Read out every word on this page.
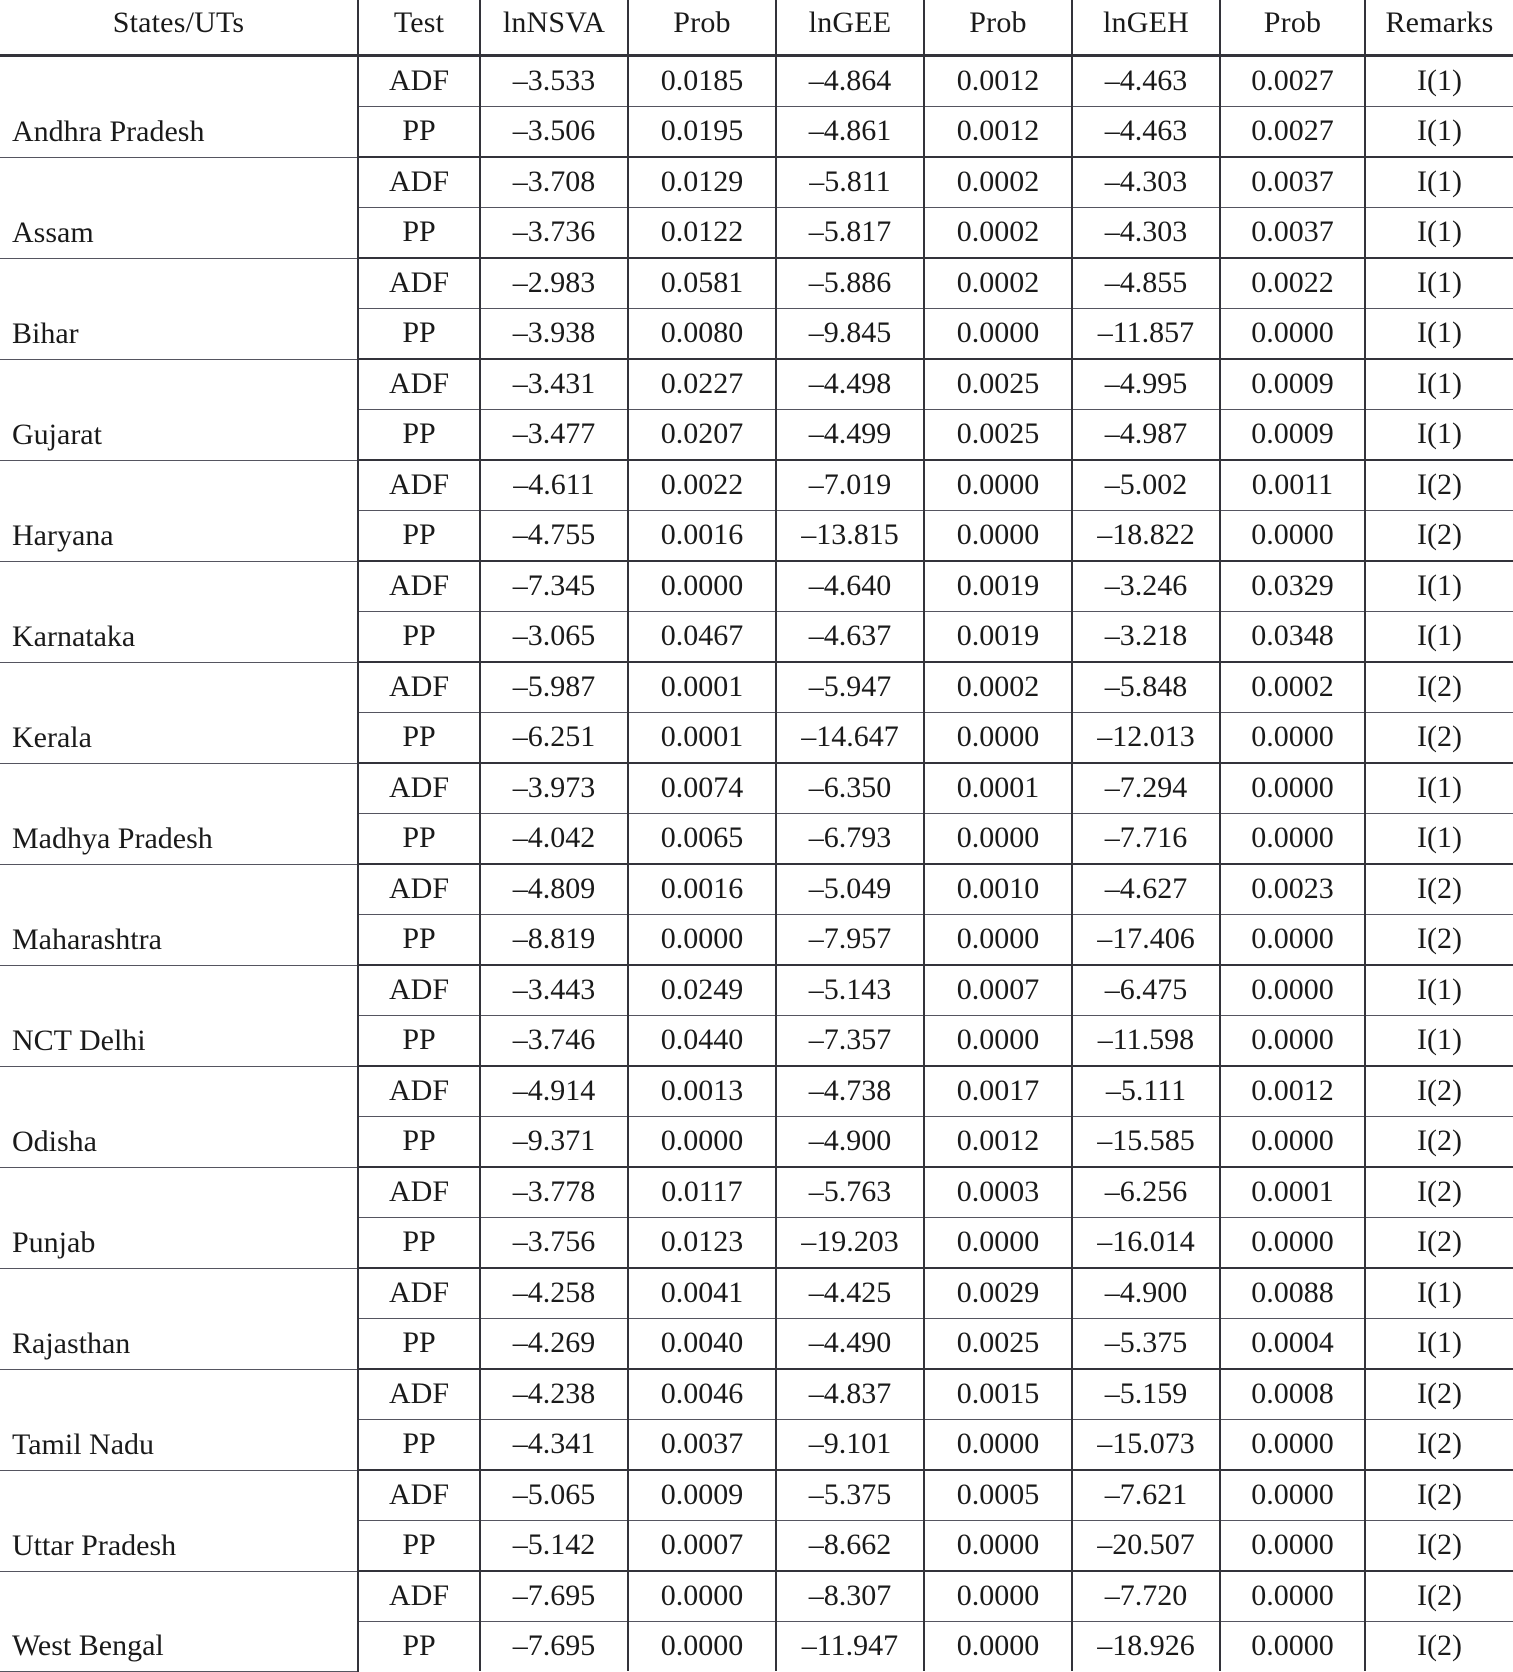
States/UTs	Test	lnNSVA	Prob	lnGEE	Prob	lnGEH	Prob	Remarks
Andhra Pradesh	ADF	–3.533	0.0185	–4.864	0.0012	–4.463	0.0027	I(1)
	PP	–3.506	0.0195	–4.861	0.0012	–4.463	0.0027	I(1)
Assam	ADF	–3.708	0.0129	–5.811	0.0002	–4.303	0.0037	I(1)
	PP	–3.736	0.0122	–5.817	0.0002	–4.303	0.0037	I(1)
Bihar	ADF	–2.983	0.0581	–5.886	0.0002	–4.855	0.0022	I(1)
	PP	–3.938	0.0080	–9.845	0.0000	–11.857	0.0000	I(1)
Gujarat	ADF	–3.431	0.0227	–4.498	0.0025	–4.995	0.0009	I(1)
	PP	–3.477	0.0207	–4.499	0.0025	–4.987	0.0009	I(1)
Haryana	ADF	–4.611	0.0022	–7.019	0.0000	–5.002	0.0011	I(2)
	PP	–4.755	0.0016	–13.815	0.0000	–18.822	0.0000	I(2)
Karnataka	ADF	–7.345	0.0000	–4.640	0.0019	–3.246	0.0329	I(1)
	PP	–3.065	0.0467	–4.637	0.0019	–3.218	0.0348	I(1)
Kerala	ADF	–5.987	0.0001	–5.947	0.0002	–5.848	0.0002	I(2)
	PP	–6.251	0.0001	–14.647	0.0000	–12.013	0.0000	I(2)
Madhya Pradesh	ADF	–3.973	0.0074	–6.350	0.0001	–7.294	0.0000	I(1)
	PP	–4.042	0.0065	–6.793	0.0000	–7.716	0.0000	I(1)
Maharashtra	ADF	–4.809	0.0016	–5.049	0.0010	–4.627	0.0023	I(2)
	PP	–8.819	0.0000	–7.957	0.0000	–17.406	0.0000	I(2)
NCT Delhi	ADF	–3.443	0.0249	–5.143	0.0007	–6.475	0.0000	I(1)
	PP	–3.746	0.0440	–7.357	0.0000	–11.598	0.0000	I(1)
Odisha	ADF	–4.914	0.0013	–4.738	0.0017	–5.111	0.0012	I(2)
	PP	–9.371	0.0000	–4.900	0.0012	–15.585	0.0000	I(2)
Punjab	ADF	–3.778	0.0117	–5.763	0.0003	–6.256	0.0001	I(2)
	PP	–3.756	0.0123	–19.203	0.0000	–16.014	0.0000	I(2)
Rajasthan	ADF	–4.258	0.0041	–4.425	0.0029	–4.900	0.0088	I(1)
	PP	–4.269	0.0040	–4.490	0.0025	–5.375	0.0004	I(1)
Tamil Nadu	ADF	–4.238	0.0046	–4.837	0.0015	–5.159	0.0008	I(2)
	PP	–4.341	0.0037	–9.101	0.0000	–15.073	0.0000	I(2)
Uttar Pradesh	ADF	–5.065	0.0009	–5.375	0.0005	–7.621	0.0000	I(2)
	PP	–5.142	0.0007	–8.662	0.0000	–20.507	0.0000	I(2)
West Bengal	ADF	–7.695	0.0000	–8.307	0.0000	–7.720	0.0000	I(2)
	PP	–7.695	0.0000	–11.947	0.0000	–18.926	0.0000	I(2)
